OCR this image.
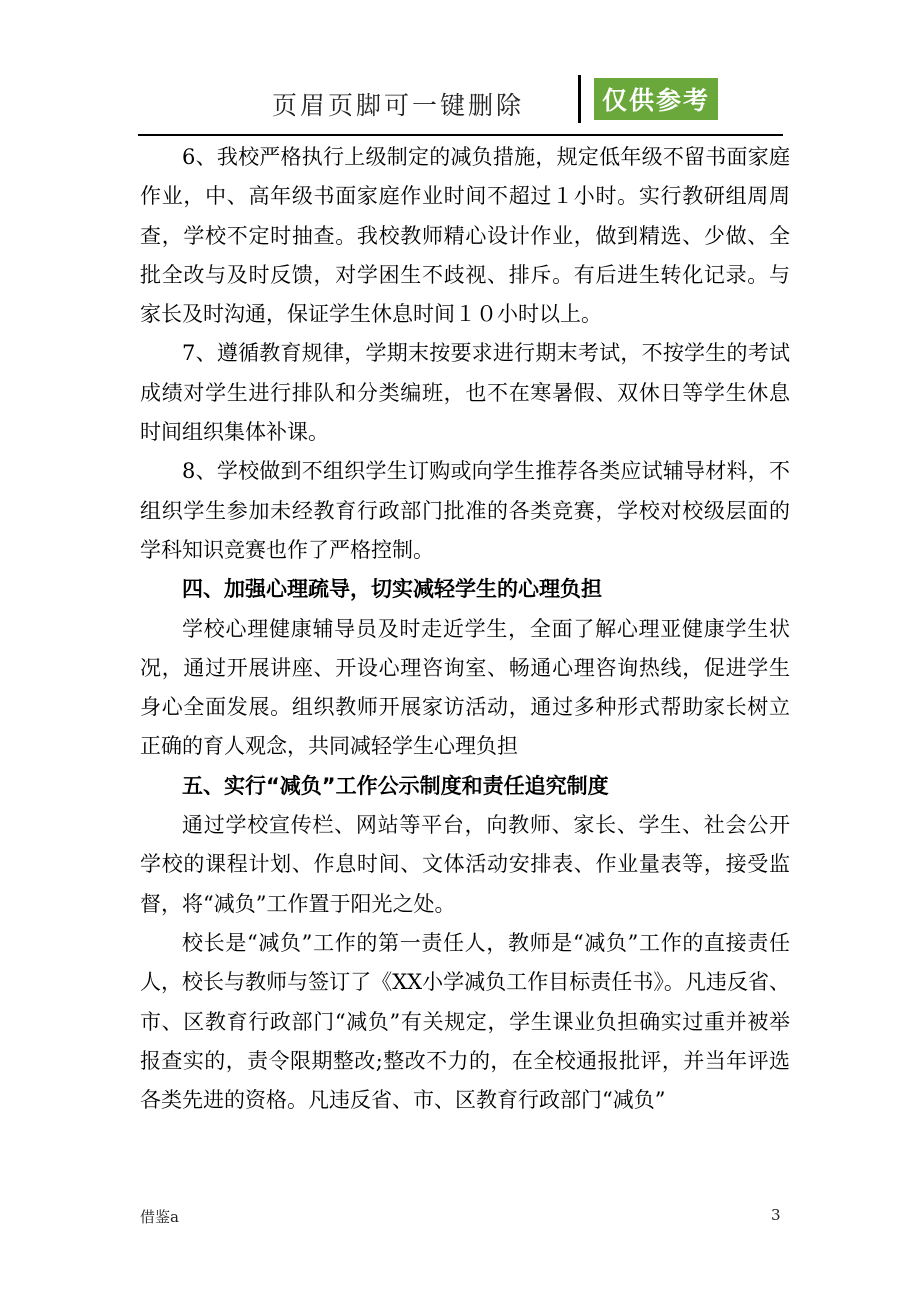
页眉页脚可一键删除	仅供参考

6、我校严格执行上级制定的减负措施，规定低年级不留书面家庭作业，中、高年级书面家庭作业时间不超过１小时。实行教研组周周查，学校不定时抽查。我校教师精心设计作业，做到精选、少做、全批全改与及时反馈，对学困生不歧视、排斥。有后进生转化记录。与家长及时沟通，保证学生休息时间１０小时以上。

7、遵循教育规律，学期末按要求进行期末考试，不按学生的考试成绩对学生进行排队和分类编班，也不在寒暑假、双休日等学生休息时间组织集体补课。

8、学校做到不组织学生订购或向学生推荐各类应试辅导材料，不组织学生参加未经教育行政部门批准的各类竞赛，学校对校级层面的学科知识竞赛也作了严格控制。

四、加强心理疏导，切实减轻学生的心理负担

学校心理健康辅导员及时走近学生，全面了解心理亚健康学生状况，通过开展讲座、开设心理咨询室、畅通心理咨询热线，促进学生身心全面发展。组织教师开展家访活动，通过多种形式帮助家长树立正确的育人观念，共同减轻学生心理负担

五、实行“减负”工作公示制度和责任追究制度

通过学校宣传栏、网站等平台，向教师、家长、学生、社会公开学校的课程计划、作息时间、文体活动安排表、作业量表等，接受监督，将“减负”工作置于阳光之处。

校长是“减负”工作的第一责任人，教师是“减负”工作的直接责任人，校长与教师与签订了《XX小学减负工作目标责任书》。凡违反省、市、区教育行政部门“减负”有关规定，学生课业负担确实过重并被举报查实的，责令限期整改;整改不力的，在全校通报批评，并当年评选各类先进的资格。凡违反省、市、区教育行政部门“减负”

借鉴a	3
